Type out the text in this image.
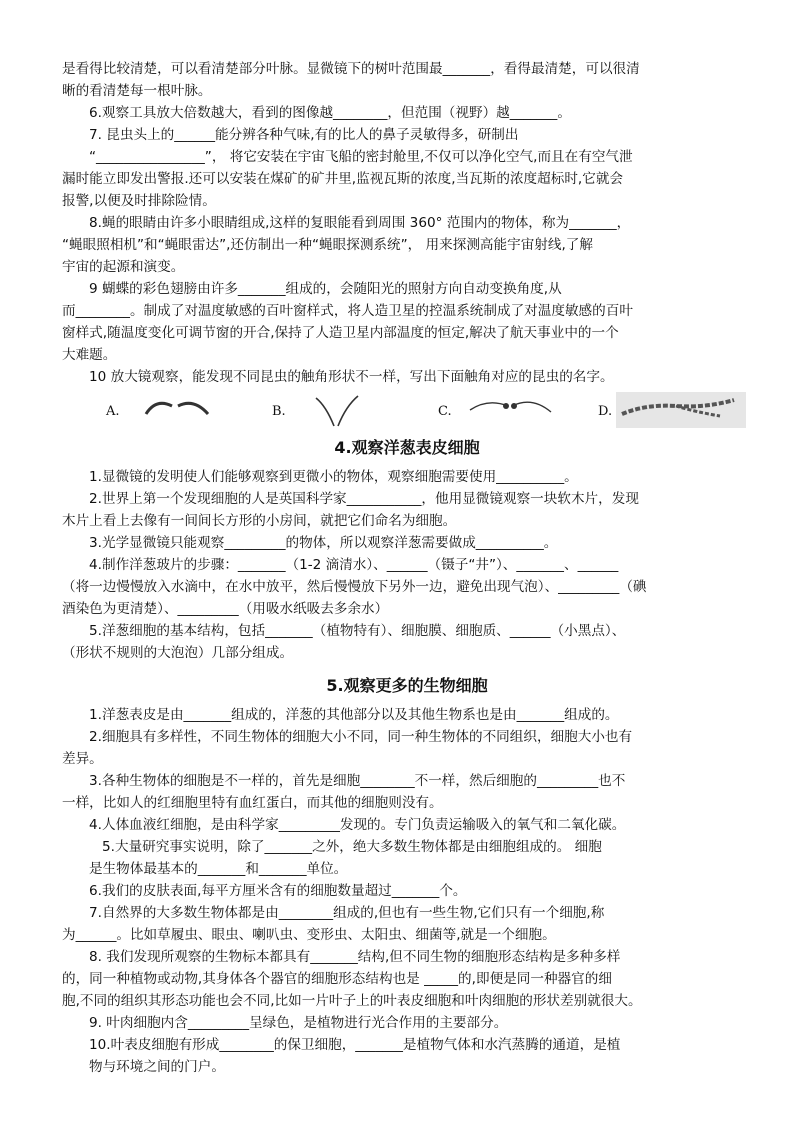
是看得比较清楚，可以看清楚部分叶脉。显微镜下的树叶范围最_______，看得最清楚，可以很清

晰的看清楚每一根叶脉。

6.观察工具放大倍数越大，看到的图像越________，但范围（视野）越_______。

7. 昆虫头上的______能分辨各种气味,有的比人的鼻子灵敏得多，研制出

“________________”， 将它安装在宇宙飞船的密封舱里,不仅可以净化空气,而且在有空气泄

漏时能立即发出警报.还可以安装在煤矿的矿井里,监视瓦斯的浓度,当瓦斯的浓度超标时,它就会

报警,以便及时排除险情。

8.蝇的眼睛由许多小眼睛组成,这样的复眼能看到周围 360° 范围内的物体，称为_______，

“蝇眼照相机”和“蝇眼雷达”,还仿制出一种“蝇眼探测系统”， 用来探测高能宇宙射线,了解

宇宙的起源和演变。

9 蝴蝶的彩色翅膀由许多_______组成的，会随阳光的照射方向自动变换角度,从

而________。制成了对温度敏感的百叶窗样式，将人造卫星的控温系统制成了对温度敏感的百叶

窗样式,随温度变化可调节窗的开合,保持了人造卫星内部温度的恒定,解决了航天事业中的一个

大难题。

10 放大镜观察，能发现不同昆虫的触角形状不一样，写出下面触角对应的昆虫的名字。

A.	B.	C.	D.
4.观察洋葱表皮细胞

1.显微镜的发明使人们能够观察到更微小的物体，观察细胞需要使用__________。

2.世界上第一个发现细胞的人是英国科学家___________，他用显微镜观察一块软木片，发现

木片上看上去像有一间间长方形的小房间，就把它们命名为细胞。

3.光学显微镜只能观察_________的物体，所以观察洋葱需要做成__________。

4.制作洋葱玻片的步骤：_______（1-2 滴清水）、______（镊子“井”）、_______、______

（将一边慢慢放入水滴中，在水中放平，然后慢慢放下另外一边，避免出现气泡）、_________（碘

酒染色为更清楚）、_________（用吸水纸吸去多余水）

5.洋葱细胞的基本结构，包括_______（植物特有）、细胞膜、细胞质、______（小黑点）、

（形状不规则的大泡泡）几部分组成。

5.观察更多的生物细胞

1.洋葱表皮是由_______组成的，洋葱的其他部分以及其他生物系也是由_______组成的。

2.细胞具有多样性，不同生物体的细胞大小不同，同一种生物体的不同组织，细胞大小也有

差异。

3.各种生物体的细胞是不一样的，首先是细胞________不一样，然后细胞的_________也不

一样，比如人的红细胞里特有血红蛋白，而其他的细胞则没有。

4.人体血液红细胞，是由科学家_________发现的。专门负责运输吸入的氧气和二氧化碳。

5.大量研究事实说明，除了_______之外，绝大多数生物体都是由细胞组成的。 细胞

是生物体最基本的_______和_______单位。

6.我们的皮肤表面,每平方厘米含有的细胞数量超过_______个。

7.自然界的大多数生物体都是由________组成的,但也有一些生物,它们只有一个细胞,称

为______。比如草履虫、眼虫、喇叭虫、变形虫、太阳虫、细菌等,就是一个细胞。

8. 我们发现所观察的生物标本都具有_______结构,但不同生物的细胞形态结构是多种多样

的，同一种植物或动物,其身体各个器官的细胞形态结构也是 _____的,即便是同一种器官的细

胞,不同的组织其形态功能也会不同,比如一片叶子上的叶表皮细胞和叶肉细胞的形状差别就很大。

9. 叶肉细胞内含_________呈绿色，是植物进行光合作用的主要部分。

10.叶表皮细胞有形成________的保卫细胞，_______是植物气体和水汽蒸腾的通道，是植

物与环境之间的门户。
